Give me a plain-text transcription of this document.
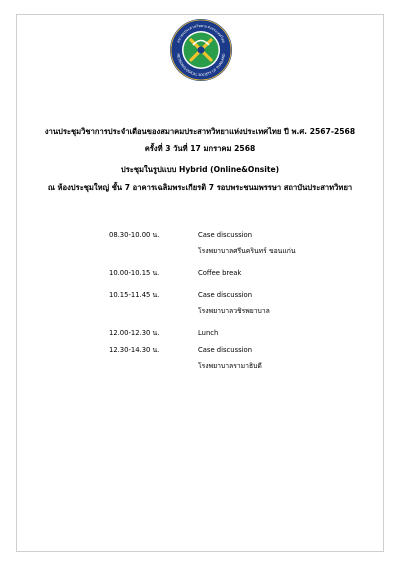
สมาคมประสาทวิทยาแห่งประเทศไทย
METEOROLOGICAL SOCIETY OF THAILAND
งานประชุมวิชาการประจำเดือนของสมาคมประสาทวิทยาแห่งประเทศไทย ปี พ.ศ. 2567-2568
ครั้งที่ 3 วันที่ 17 มกราคม 2568
ประชุมในรูปแบบ Hybrid (Online&Onsite)
ณ ห้องประชุมใหญ่ ชั้น 7 อาคารเฉลิมพระเกียรติ 7 รอบพระชนมพรรษา สถาบันประสาทวิทยา
08.30-10.00 น.	Case discussion
โรงพยาบาลศรีนครินทร์ ขอนแก่น
10.00-10.15 น.	Coffee break
10.15-11.45 น.	Case discussion
โรงพยาบาลวชิรพยาบาล
12.00-12.30 น.	Lunch
12.30-14.30 น.	Case discussion
โรงพยาบาลรามาธิบดี
